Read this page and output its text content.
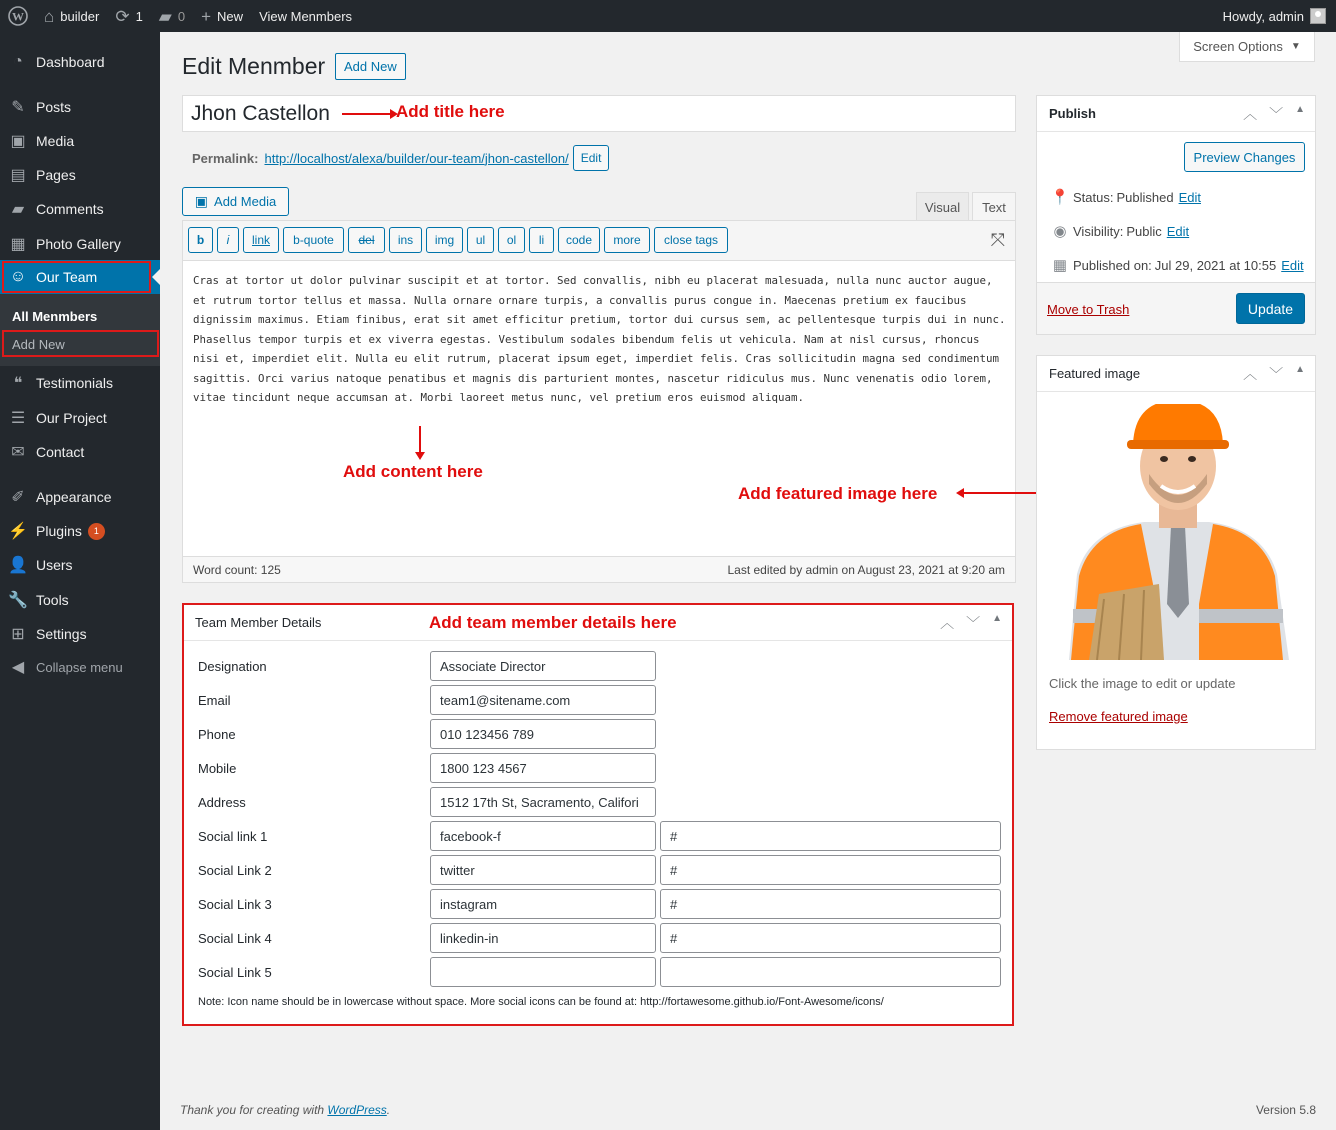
W ⌂ builder ⟳ 1 ▰ 0 + New View Menmbers	Howdy, admin
◔ Dashboard
✎ Posts
▣ Media
▤ Pages
▰ Comments
▦ Photo Gallery
☺ Our Team
All Menmbers
Add New
❝ Testimonials
☰ Our Project
✉ Contact
✐ Appearance
⚡ Plugins	1
👤 Users
🔧 Tools
⊞ Settings
◀ Collapse menu
Screen Options ▼
Edit Menmber	Add New
Jhon Castellon	Add title here
Permalink: http://localhost/alexa/builder/our-team/jhon-castellon/	Edit
▣ Add Media	Visual	Text
b	i	link	b-quote	del	ins	img	ul	ol	li	code	more	close tags	⤧
Cras at tortor ut dolor pulvinar suscipit et at tortor. Sed convallis, nibh eu placerat malesuada, nulla nunc auctor augue, et rutrum tortor tellus et massa. Nulla ornare ornare turpis, a convallis purus congue in. Maecenas pretium ex faucibus dignissim maximus. Etiam finibus, erat sit amet efficitur pretium, tortor dui cursus sem, ac pellentesque turpis dui in nunc. Phasellus tempor turpis et ex viverra egestas. Vestibulum sodales bibendum felis ut vehicula. Nam at nisl cursus, rhoncus nisi et, imperdiet elit. Nulla eu elit rutrum, placerat ipsum eget, imperdiet felis. Cras sollicitudin magna sed condimentum sagittis. Orci varius natoque penatibus et magnis dis parturient montes, nascetur ridiculus mus. Nunc venenatis odio lorem, vitae tincidunt neque accumsan at. Morbi laoreet metus nunc, vel pretium eros euismod aliquam.
Word count: 125	Last edited by admin on August 23, 2021 at 9:20 am
Add content here
Add featured image here
Team Member Details	Add team member details here	︿ ﹀ ▲
Designation	Associate Director
Email	team1@sitename.com
Phone	010 123456 789
Mobile	1800 123 4567
Address	1512 17th St, Sacramento, Califori
Social link 1	facebook-f	#
Social Link 2	twitter	#
Social Link 3	instagram	#
Social Link 4	linkedin-in	#
Social Link 5
Note: Icon name should be in lowercase without space. More social icons can be found at: http://fortawesome.github.io/Font-Awesome/icons/
Publish	︿ ﹀ ▲
Preview Changes
📍 Status: Published Edit
◉ Visibility: Public Edit
▦ Published on: Jul 29, 2021 at 10:55 Edit
Move to Trash	Update
Featured image	︿ ﹀ ▲
Click the image to edit or update
Remove featured image
Thank you for creating with WordPress.	Version 5.8
